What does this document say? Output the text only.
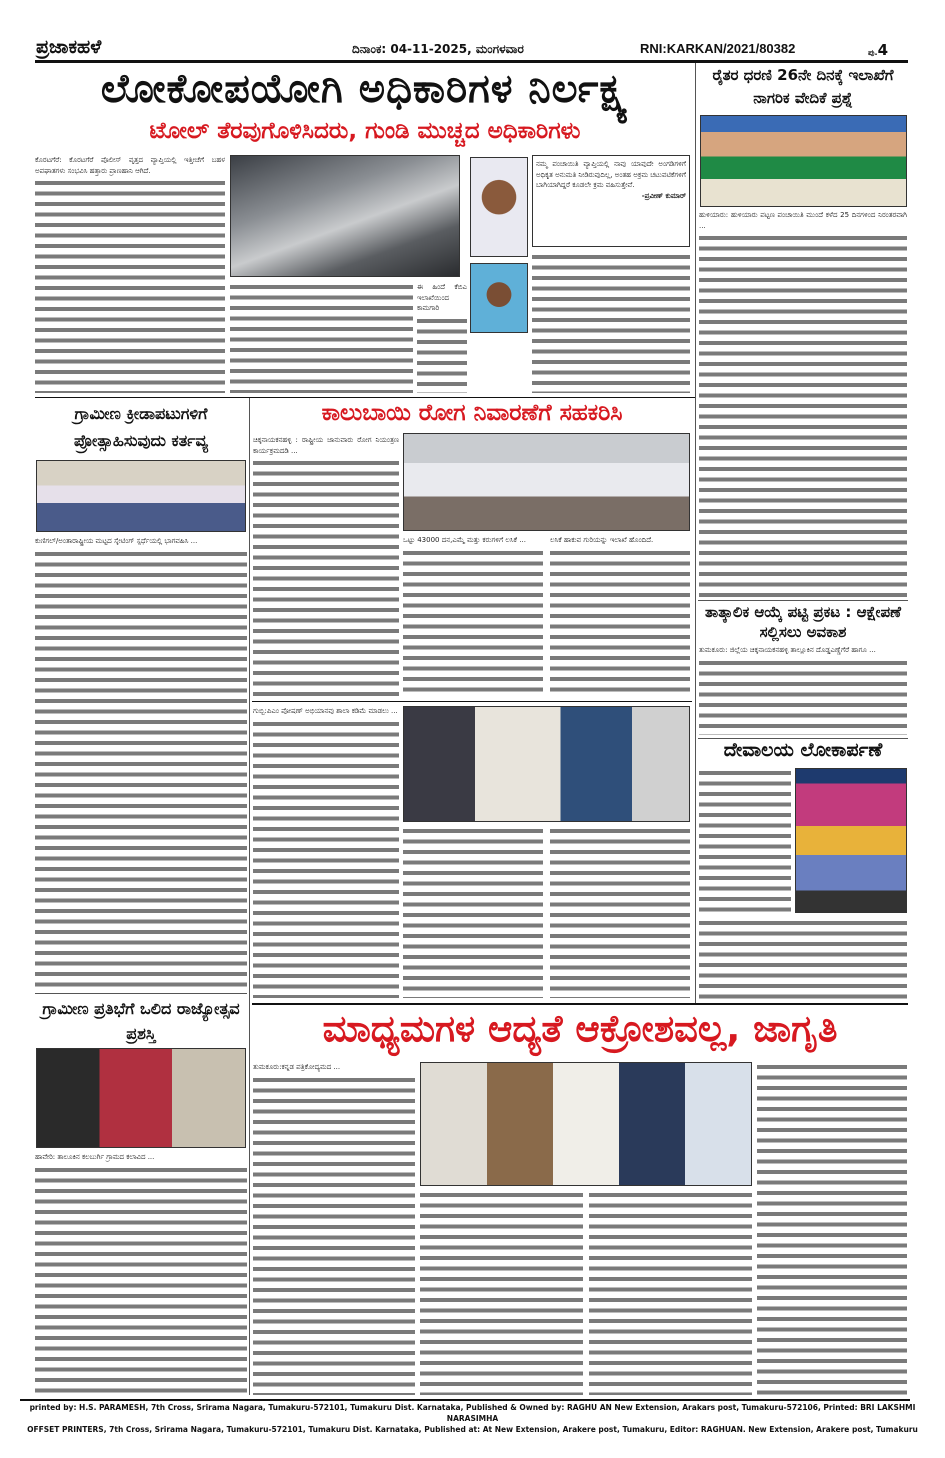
ಪ್ರಜಾಕಹಳೆ	ದಿನಾಂಕ: 04-11-2025, ಮಂಗಳವಾರ	RNI:KARKAN/2021/80382	ಪು.4
ಲೋಕೋಪಯೋಗಿ ಅಧಿಕಾರಿಗಳ ನಿರ್ಲಕ್ಷ್ಯ
ಟೋಲ್ ತೆರವುಗೊಳಿಸಿದರು, ಗುಂಡಿ ಮುಚ್ಚದ ಅಧಿಕಾರಿಗಳು
ಕೊರಟಗೆರೆ: ಕೊರಟಗೆರೆ ಪೊಲೀಸ್ ವೃತ್ತದ ವ್ಯಾಪ್ತಿಯಲ್ಲಿ ಇತ್ತೀಚೆಗೆ ಬಹಳ ಅಪಘಾತಗಳು ಸಂಭವಿಸಿ ಹತ್ತಾರು ಪ್ರಾಣಹಾನಿ ಆಗಿದೆ.
ಈ ಹಿಂದೆ ಕೆಬಿಎ ಇಲಾಖೆಯಿಂದ ಕಾಮಗಾರಿ
ನಮ್ಮ ಪಂಚಾಯಿತಿ ವ್ಯಾಪ್ತಿಯಲ್ಲಿ ನಾವು ಯಾವುದೇ ಅಂಗಡಿಗಳಿಗೆ ಅಧಿಕೃತ ಅನುಮತಿ ನೀಡಿರುವುದಿಲ್ಲ, ಅಂತಹ ಅಕ್ರಮ ಚಟುವಟಿಕೆಗಳಿಗೆ ಬಾಗಿಯಾಗಿದ್ದರೆ ಕೂಡಲೇ ಕ್ರಮ ವಹಿಸುತ್ತೇವೆ.
-ಪ್ರವೀಣ್ ಕುಮಾರ್
ರೈತರ ಧರಣಿ 26ನೇ ದಿನಕ್ಕೆ ಇಲಾಖೆಗೆ ನಾಗರಿಕ ವೇದಿಕೆ ಪ್ರಶ್ನೆ
ಹುಳಿಯಾರು: ಹುಳಿಯಾರು ಪಟ್ಟಣ ಪಂಚಾಯಿತಿ ಮುಂದೆ ಕಳೆದ 25 ದಿನಗಳಿಂದ ನಿರಂತರವಾಗಿ ...
ತಾತ್ಕಾಲಿಕ ಆಯ್ಕೆ ಪಟ್ಟಿ ಪ್ರಕಟ : ಆಕ್ಷೇಪಣೆ ಸಲ್ಲಿಸಲು ಅವಕಾಶ
ತುಮಕೂರು: ಜಿಲ್ಲೆಯ ಚಿಕ್ಕನಾಯಕನಹಳ್ಳಿ ತಾಲ್ಲೂಕಿನ ದೊಡ್ಡಎಣ್ಣೆಗೆರೆ ಹಾಗೂ ...
ದೇವಾಲಯ ಲೋಕಾರ್ಪಣೆ
ಗ್ರಾಮೀಣ ಕ್ರೀಡಾಪಟುಗಳಿಗೆ ಪ್ರೋತ್ಸಾಹಿಸುವುದು ಕರ್ತವ್ಯ
ಕುಣಿಗಲ್/ಅಂತಾರಾಷ್ಟ್ರೀಯ ಮಟ್ಟದ ಸ್ಕೇಟಿಂಗ್ ಸ್ಪರ್ಧೆಯಲ್ಲಿ ಭಾಗವಹಿಸಿ ...
ಗ್ರಾಮೀಣ ಪ್ರತಿಭೆಗೆ ಒಲಿದ ರಾಜ್ಯೋತ್ಸವ ಪ್ರಶಸ್ತಿ
ಹಾವೇರಿ: ತಾಲೂಕಿನ ಕಲಬುರ್ಗಿ ಗ್ರಾಮದ ಕಲಾವಿದ ...
ಕಾಲುಬಾಯಿ ರೋಗ ನಿವಾರಣೆಗೆ ಸಹಕರಿಸಿ
ಚಿಕ್ಕನಾಯಕನಹಳ್ಳಿ : ರಾಷ್ಟ್ರೀಯ ಜಾನುವಾರು ರೋಗ ನಿಯಂತ್ರಣ ಕಾರ್ಯಕ್ರಮದಡಿ ...
ಒಟ್ಟು 43000 ದನ,ಎಮ್ಮೆ ಮತ್ತು ಕರುಗಳಿಗೆ ಲಸಿಕೆ ...	ಲಸಿಕೆ ಹಾಕುವ ಗುರಿಯನ್ನು ಇಲಾಖೆ ಹೊಂದಿದೆ.
ಗುಬ್ಬಿ:ಪಿಎಂ ಪೋಷಣ್ ಅಭಿಯಾನವು ಶಾಲಾ ಕಡಿಮೆ ಮಾಡಲು ...
ಮಾಧ್ಯಮಗಳ ಆದ್ಯತೆ ಆಕ್ರೋಶವಲ್ಲ, ಜಾಗೃತಿ
ತುಮಕೂರು:ಕನ್ನಡ ಪತ್ರಿಕೋದ್ಯಮದ ...
printed by: H.S. PARAMESH, 7th Cross, Srirama Nagara, Tumakuru-572101, Tumakuru Dist. Karnataka, Published & Owned by: RAGHU AN New Extension, Arakars post, Tumakuru-572106, Printed: BRI LAKSHMI NARASIMHA
OFFSET PRINTERS, 7th Cross, Srirama Nagara, Tumakuru-572101, Tumakuru Dist. Karnataka, Published at: At New Extension, Arakere post, Tumakuru, Editor: RAGHUAN. New Extension, Arakere post, Tumakuru
